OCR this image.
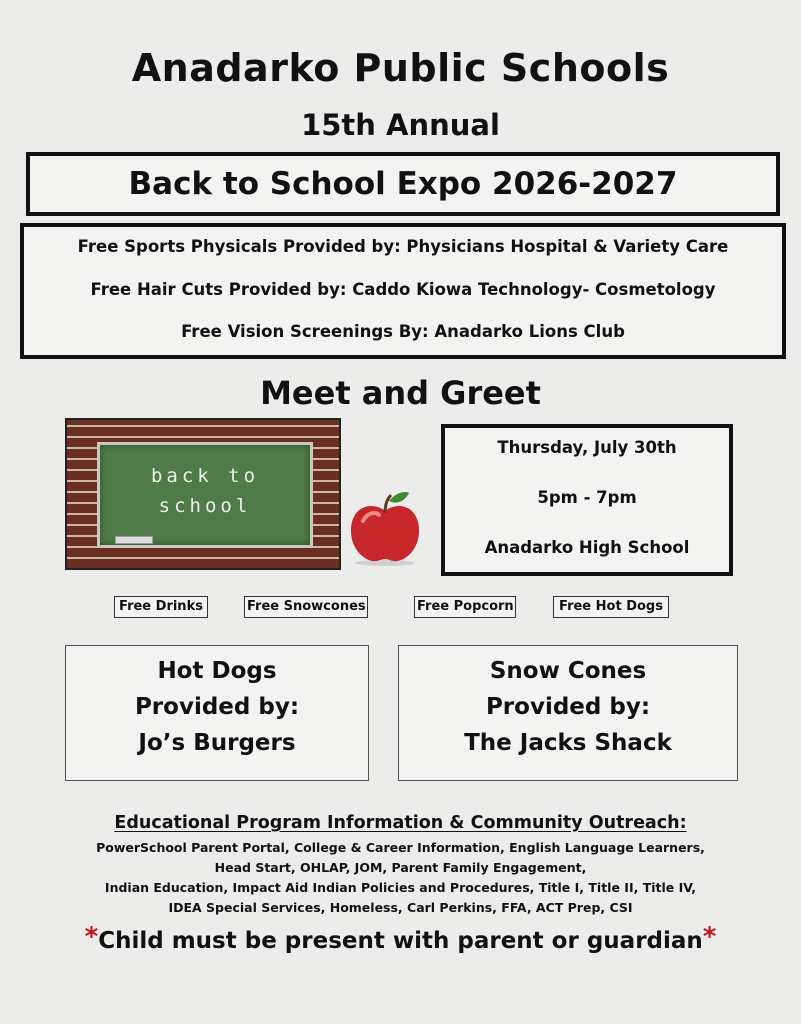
Anadarko Public Schools
15th Annual
Back to School Expo 2026-2027
Free Sports Physicals Provided by: Physicians Hospital & Variety Care
Free Hair Cuts Provided by: Caddo Kiowa Technology- Cosmetology
Free Vision Screenings By: Anadarko Lions Club
Meet and Greet
back to
school
Thursday, July 30th
5pm - 7pm
Anadarko High School
Free Drinks	Free Snowcones	Free Popcorn	Free Hot Dogs
Hot Dogs
Provided by:
Jo’s Burgers
Snow Cones
Provided by:
The Jacks Shack
Educational Program Information & Community Outreach:
PowerSchool Parent Portal, College & Career Information, English Language Learners,
Head Start, OHLAP, JOM, Parent Family Engagement,
Indian Education, Impact Aid Indian Policies and Procedures, Title I, Title II, Title IV,
IDEA Special Services, Homeless, Carl Perkins, FFA, ACT Prep, CSI
*Child must be present with parent or guardian*
